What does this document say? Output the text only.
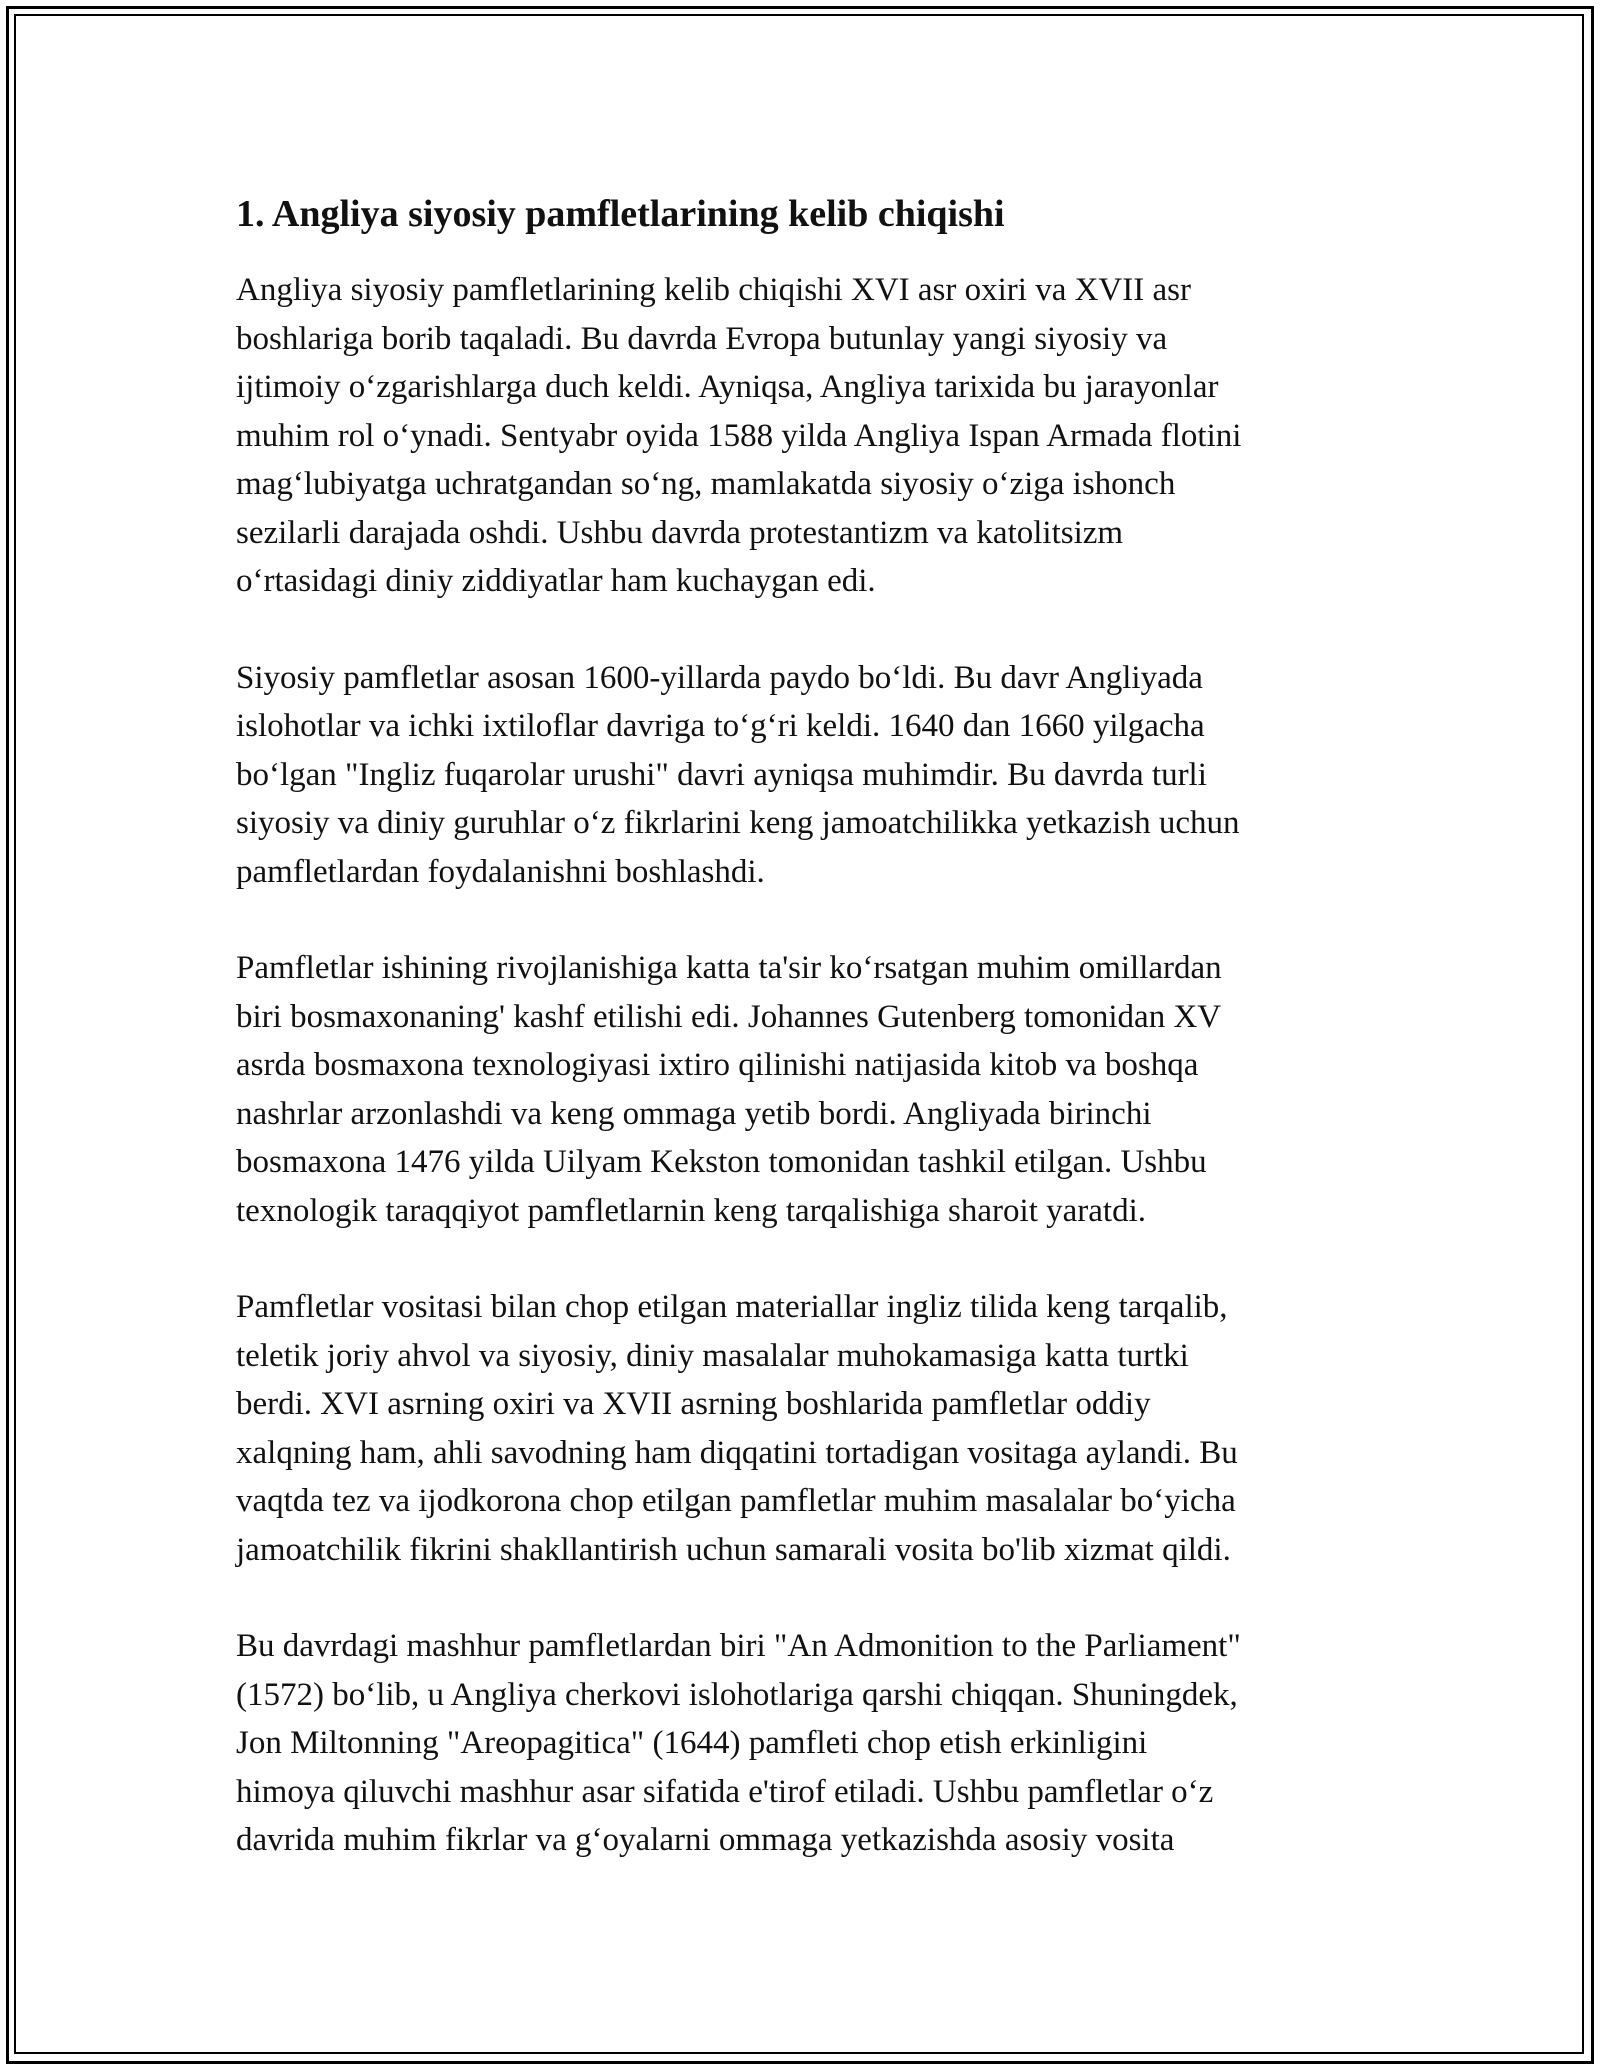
1. Angliya siyosiy pamfletlarining kelib chiqishi

Angliya siyosiy pamfletlarining kelib chiqishi XVI asr oxiri va XVII asr
boshlariga borib taqaladi. Bu davrda Evropa butunlay yangi siyosiy va
ijtimoiy o‘zgarishlarga duch keldi. Ayniqsa, Angliya tarixida bu jarayonlar
muhim rol o‘ynadi. Sentyabr oyida 1588 yilda Angliya Ispan Armada flotini
mag‘lubiyatga uchratgandan so‘ng, mamlakatda siyosiy o‘ziga ishonch
sezilarli darajada oshdi. Ushbu davrda protestantizm va katolitsizm
o‘rtasidagi diniy ziddiyatlar ham kuchaygan edi.

Siyosiy pamfletlar asosan 1600-yillarda paydo bo‘ldi. Bu davr Angliyada
islohotlar va ichki ixtiloflar davriga to‘g‘ri keldi. 1640 dan 1660 yilgacha
bo‘lgan "Ingliz fuqarolar urushi" davri ayniqsa muhimdir. Bu davrda turli
siyosiy va diniy guruhlar o‘z fikrlarini keng jamoatchilikka yetkazish uchun
pamfletlardan foydalanishni boshlashdi.

Pamfletlar ishining rivojlanishiga katta ta'sir ko‘rsatgan muhim omillardan
biri bosmaxonaning' kashf etilishi edi. Johannes Gutenberg tomonidan XV
asrda bosmaxona texnologiyasi ixtiro qilinishi natijasida kitob va boshqa
nashrlar arzonlashdi va keng ommaga yetib bordi. Angliyada birinchi
bosmaxona 1476 yilda Uilyam Kekston tomonidan tashkil etilgan. Ushbu
texnologik taraqqiyot pamfletlarnin keng tarqalishiga sharoit yaratdi.

Pamfletlar vositasi bilan chop etilgan materiallar ingliz tilida keng tarqalib,
teletik joriy ahvol va siyosiy, diniy masalalar muhokamasiga katta turtki
berdi. XVI asrning oxiri va XVII asrning boshlarida pamfletlar oddiy
xalqning ham, ahli savodning ham diqqatini tortadigan vositaga aylandi. Bu
vaqtda tez va ijodkorona chop etilgan pamfletlar muhim masalalar bo‘yicha
jamoatchilik fikrini shakllantirish uchun samarali vosita bo'lib xizmat qildi.

Bu davrdagi mashhur pamfletlardan biri "An Admonition to the Parliament"
(1572) bo‘lib, u Angliya cherkovi islohotlariga qarshi chiqqan. Shuningdek,
Jon Miltonning "Areopagitica" (1644) pamfleti chop etish erkinligini
himoya qiluvchi mashhur asar sifatida e'tirof etiladi. Ushbu pamfletlar o‘z
davrida muhim fikrlar va g‘oyalarni ommaga yetkazishda asosiy vosita
